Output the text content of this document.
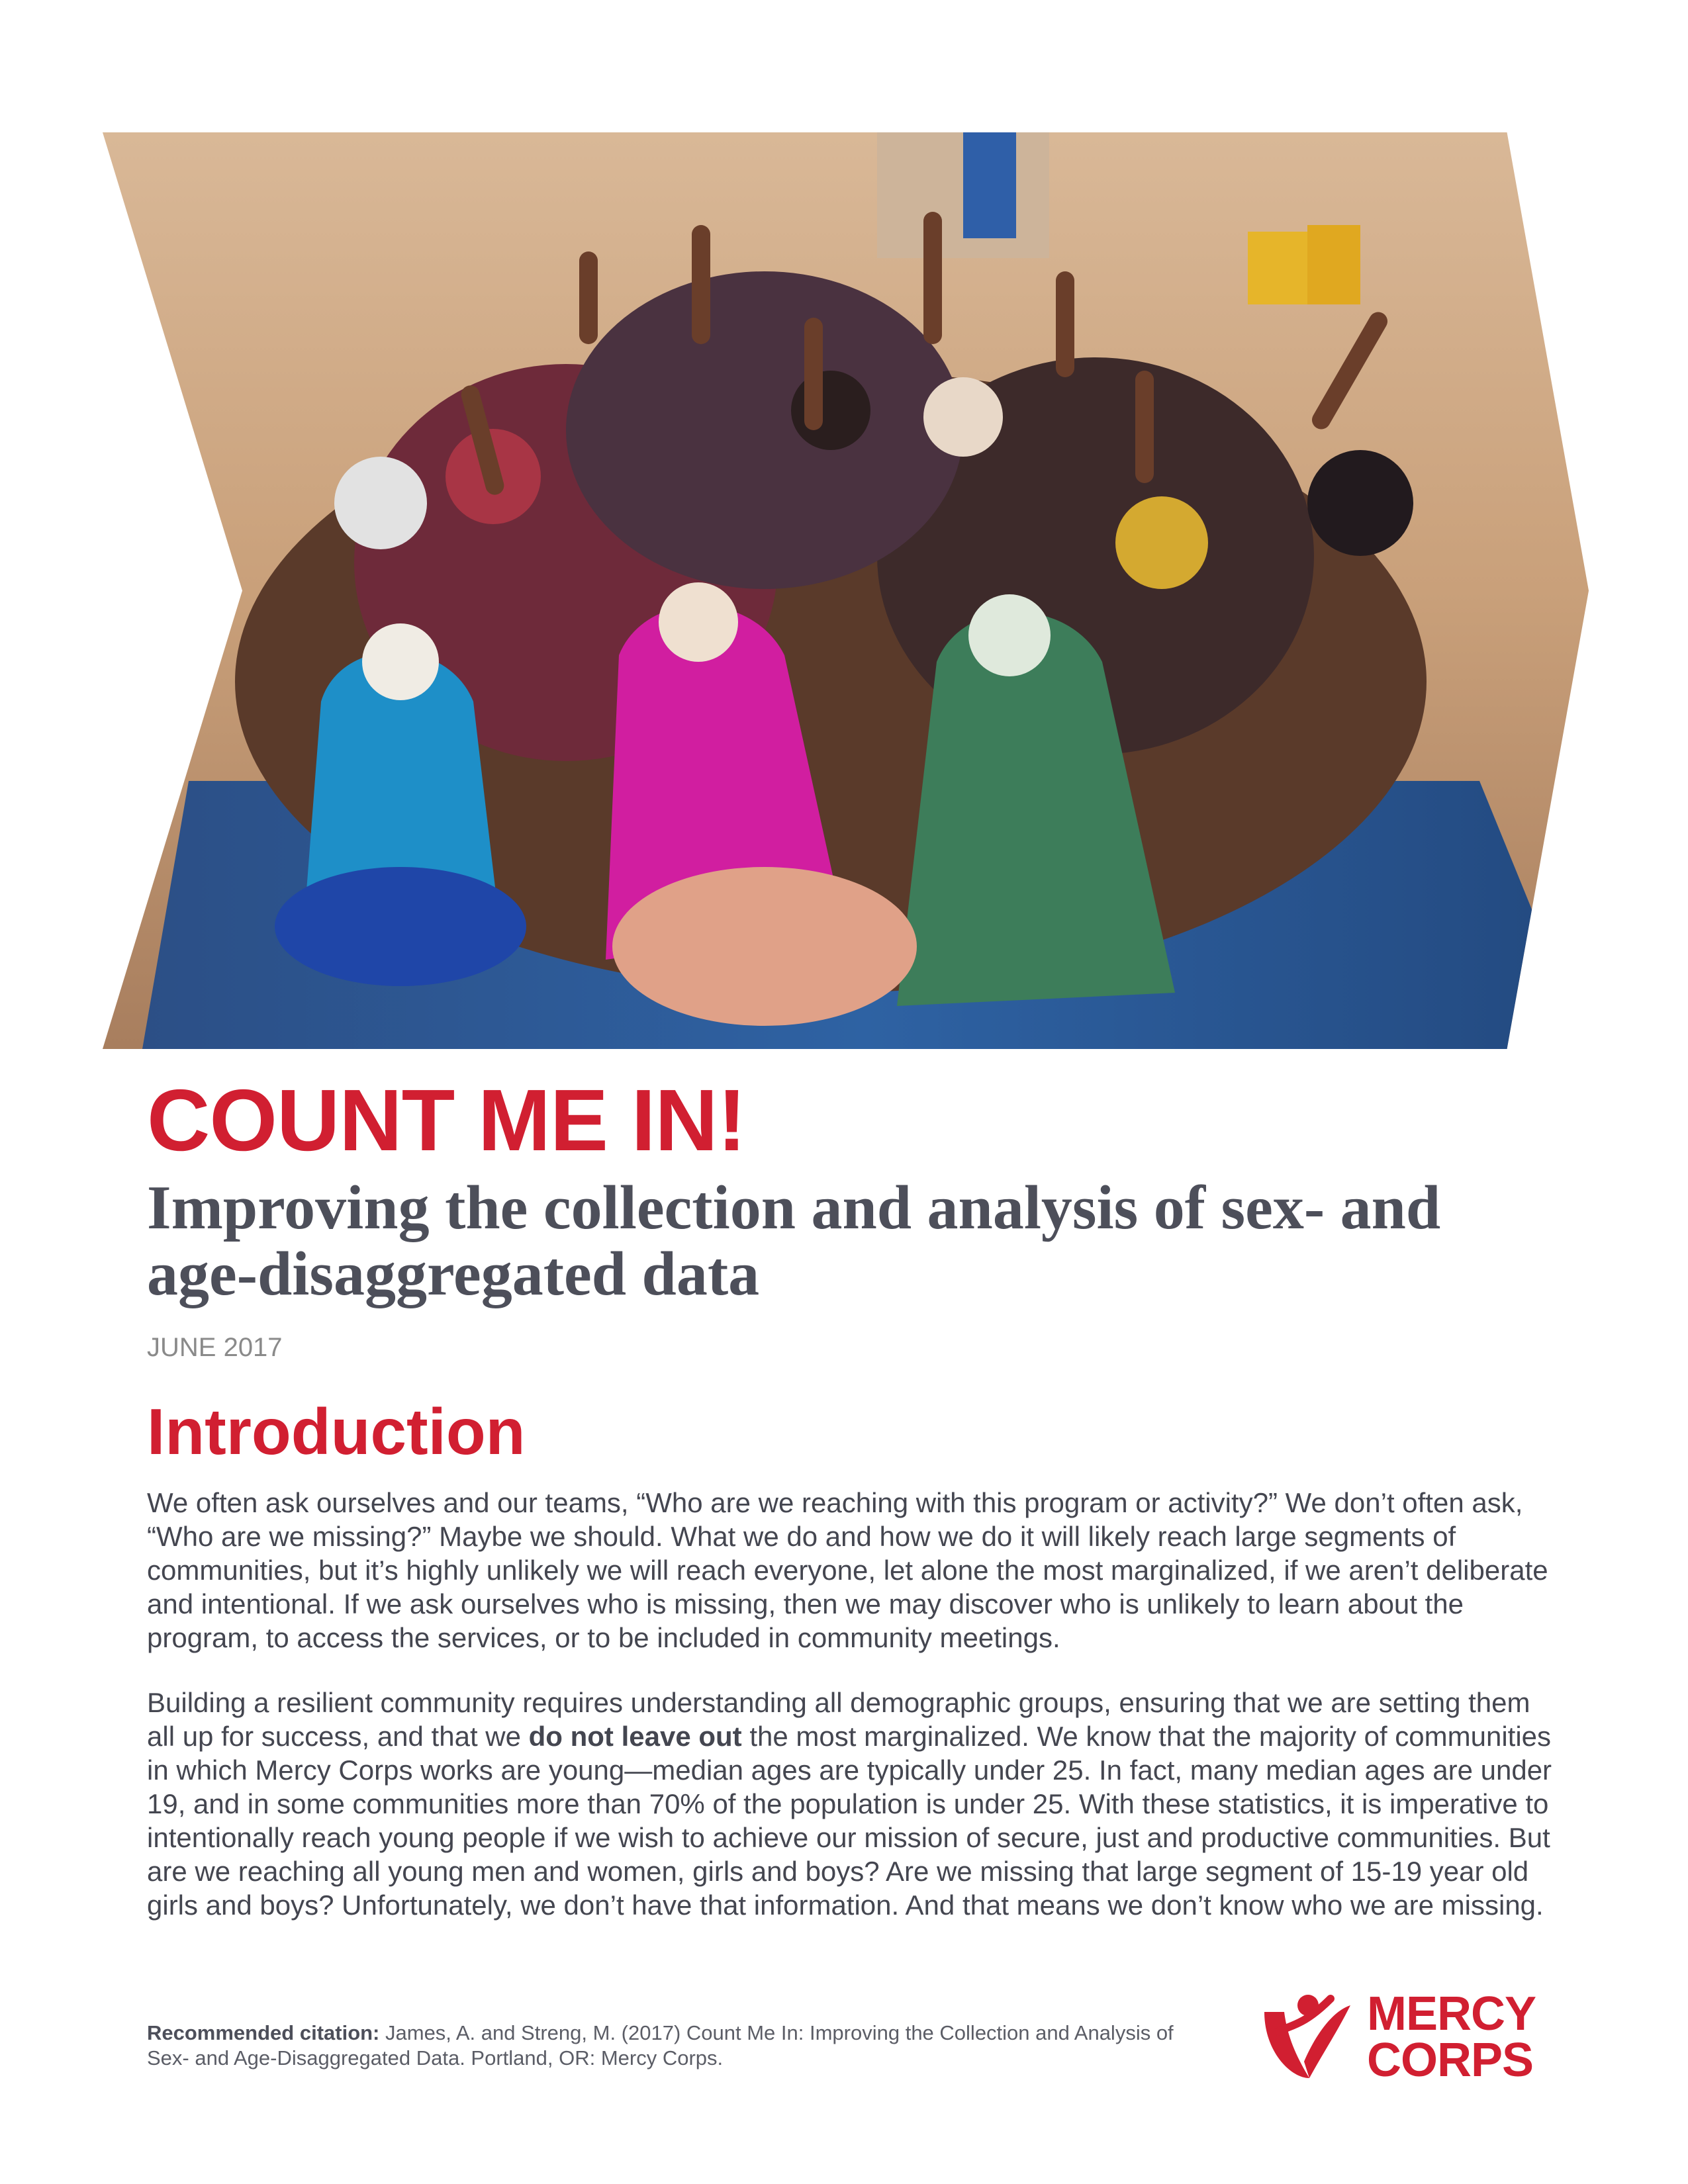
COUNT ME IN!
Improving the collection and analysis of sex- and
age-disaggregated data

JUNE 2017

Introduction

We often ask ourselves and our teams, “Who are we reaching with this program or activity?” We don’t often ask, “Who are we missing?” Maybe we should. What we do and how we do it will likely reach large segments of communities, but it’s highly unlikely we will reach everyone, let alone the most marginalized, if we aren’t deliberate and intentional. If we ask ourselves who is missing, then we may discover who is unlikely to learn about the program, to access the services, or to be included in community meetings.

Building a resilient community requires understanding all demographic groups, ensuring that we are setting them all up for success, and that we do not leave out the most marginalized. We know that the majority of communities in which Mercy Corps works are young—median ages are typically under 25. In fact, many median ages are under 19, and in some communities more than 70% of the population is under 25. With these statistics, it is imperative to intentionally reach young people if we wish to achieve our mission of secure, just and productive communities. But are we reaching all young men and women, girls and boys? Are we missing that large segment of 15-19 year old girls and boys? Unfortunately, we don’t have that information. And that means we don’t know who we are missing.

Recommended citation: James, A. and Streng, M. (2017) Count Me In: Improving the Collection and Analysis of Sex- and Age-Disaggregated Data. Portland, OR: Mercy Corps.

MERCY
CORPS
